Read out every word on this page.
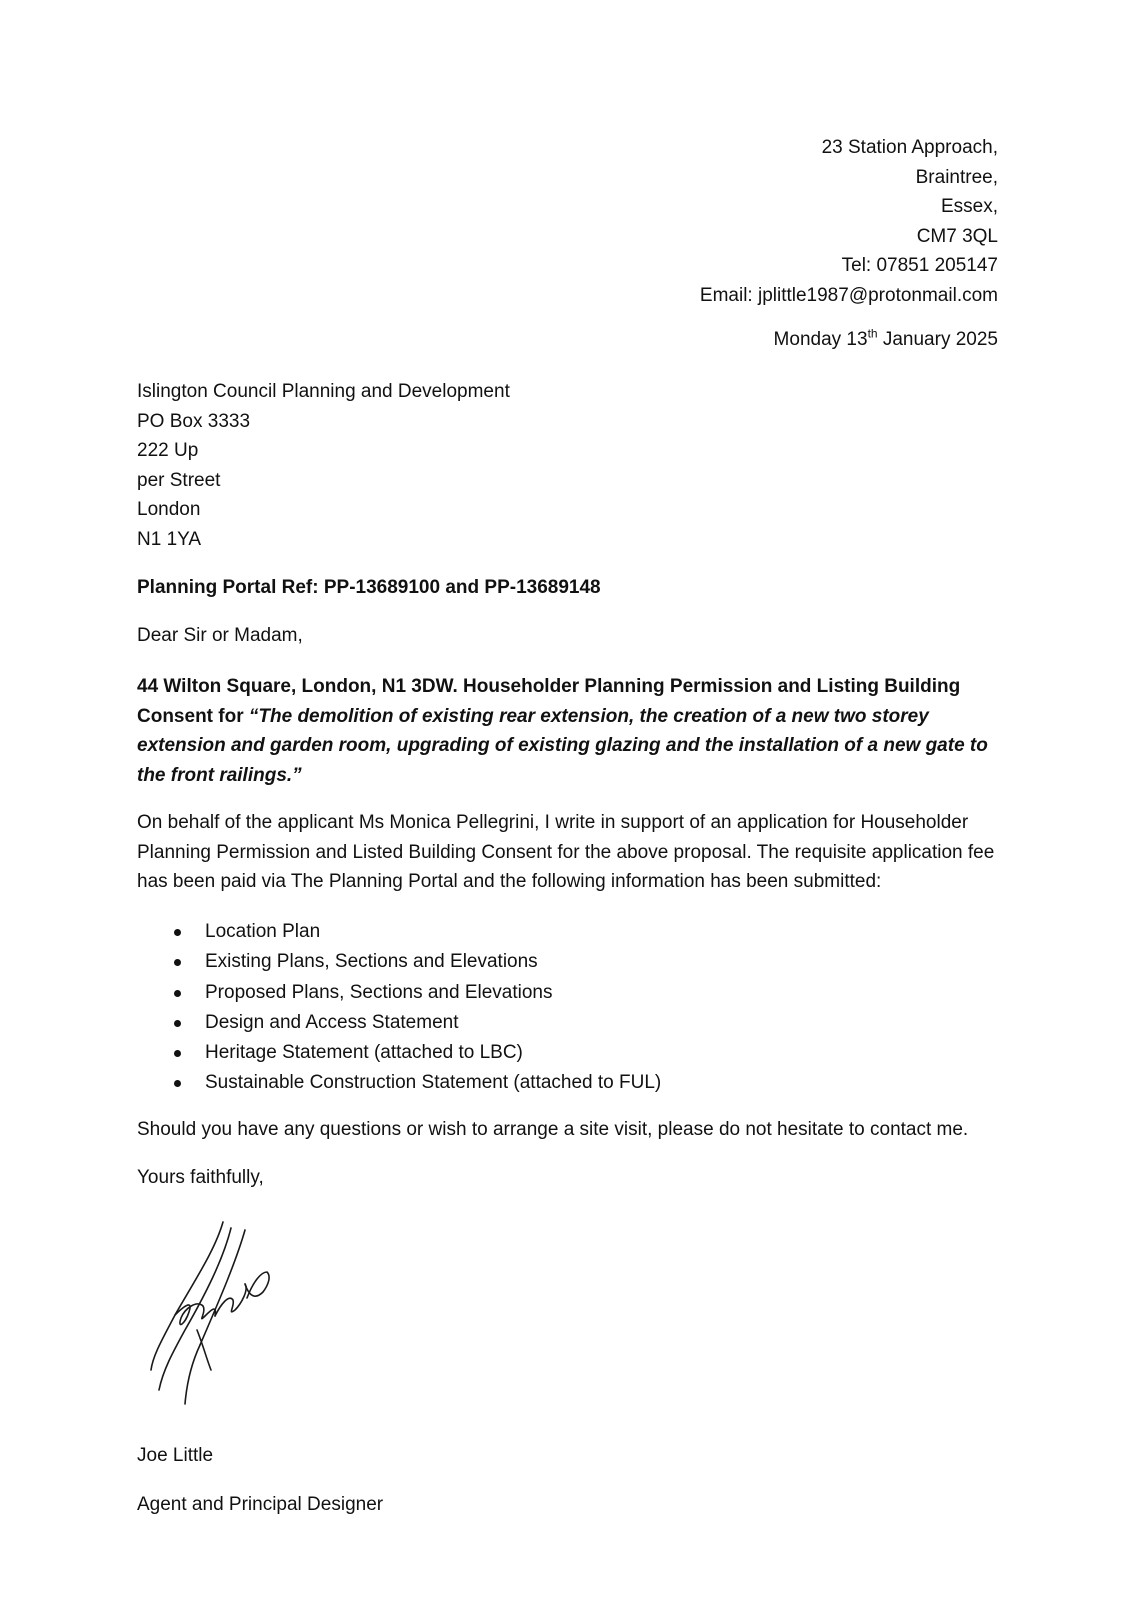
23 Station Approach,
Braintree,
Essex,
CM7 3QL
Tel: 07851 205147
Email: jplittle1987@protonmail.com
Monday 13th January 2025
Islington Council Planning and Development
PO Box 3333
222 Up
per Street
London
N1 1YA
Planning Portal Ref: PP-13689100 and PP-13689148
Dear Sir or Madam,
44 Wilton Square, London, N1 3DW. Householder Planning Permission and Listing Building Consent for “The demolition of existing rear extension, the creation of a new two storey extension and garden room, upgrading of existing glazing and the installation of a new gate to the front railings.”
On behalf of the applicant Ms Monica Pellegrini, I write in support of an application for Householder Planning Permission and Listed Building Consent for the above proposal. The requisite application fee has been paid via The Planning Portal and the following information has been submitted:
Location Plan
Existing Plans, Sections and Elevations
Proposed Plans, Sections and Elevations
Design and Access Statement
Heritage Statement (attached to LBC)
Sustainable Construction Statement (attached to FUL)
Should you have any questions or wish to arrange a site visit, please do not hesitate to contact me.
Yours faithfully,
Joe Little
Agent and Principal Designer
